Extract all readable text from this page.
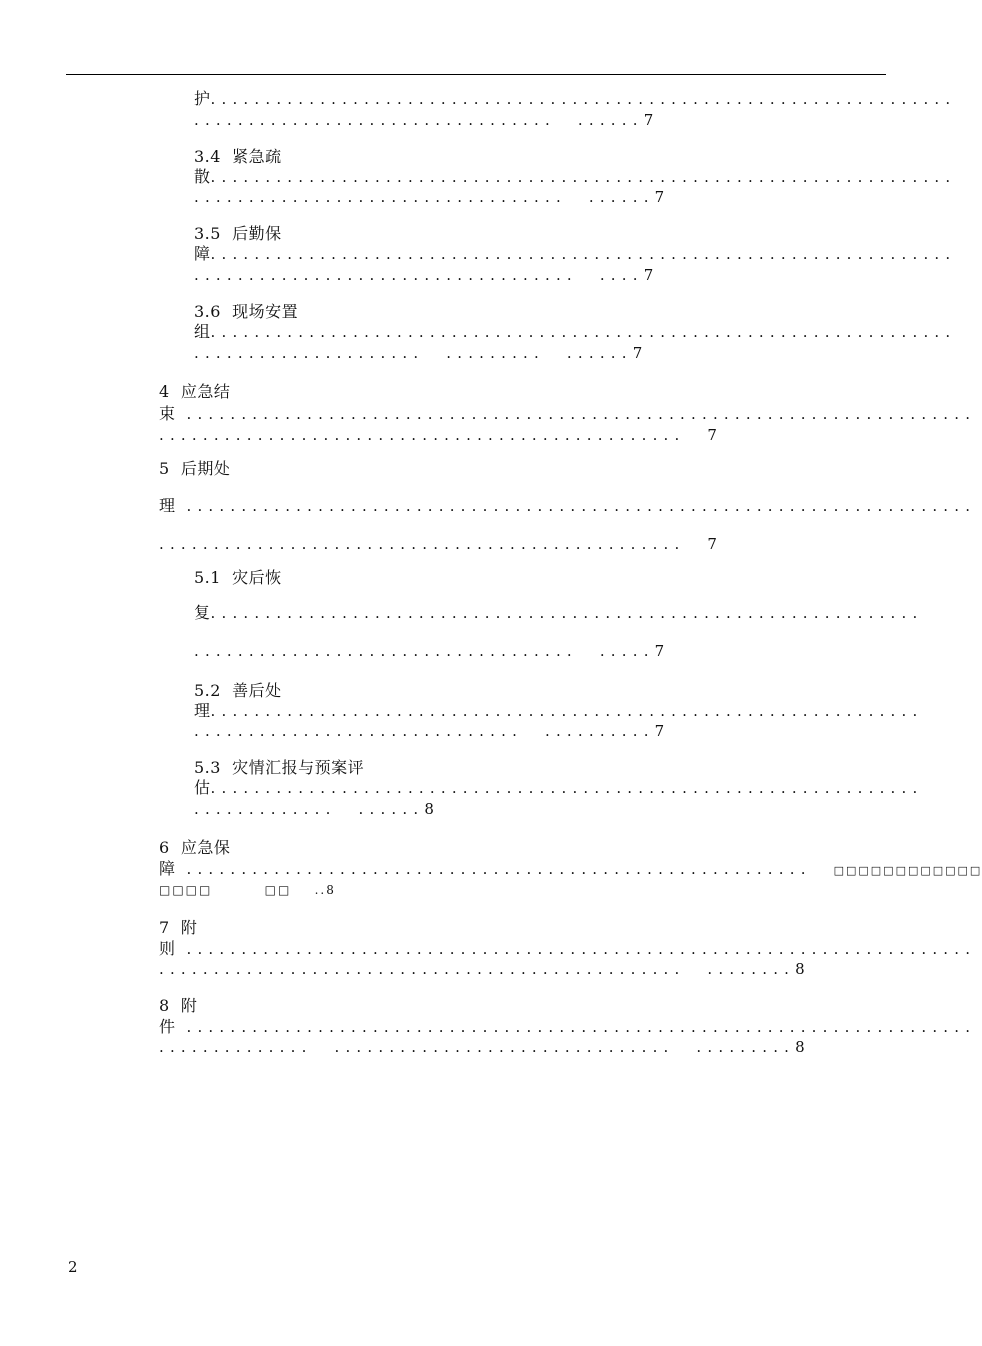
护....................................................................
.................................  ......7
3.4  紧急疏
散....................................................................
..................................  ......7
3.5  后勤保
障....................................................................
...................................  ....7
3.6  现场安置
组....................................................................
.....................  .........  ......7
4  应急结
束 ........................................................................
................................................  7
5  后期处
理 ........................................................................
................................................  7
5.1  灾后恢
复.................................................................
...................................  .....7
5.2  善后处
理.................................................................
..............................  ..........7
5.3  灾情汇报与预案评
估.................................................................
.............  ......8
6  应急保
障 .........................................................  □□□□□□□□□□□□
□□□□         □□    ..8
7  附
则 ........................................................................
................................................  ........8
8  附
件 ........................................................................
..............  ...............................  .........8
2
